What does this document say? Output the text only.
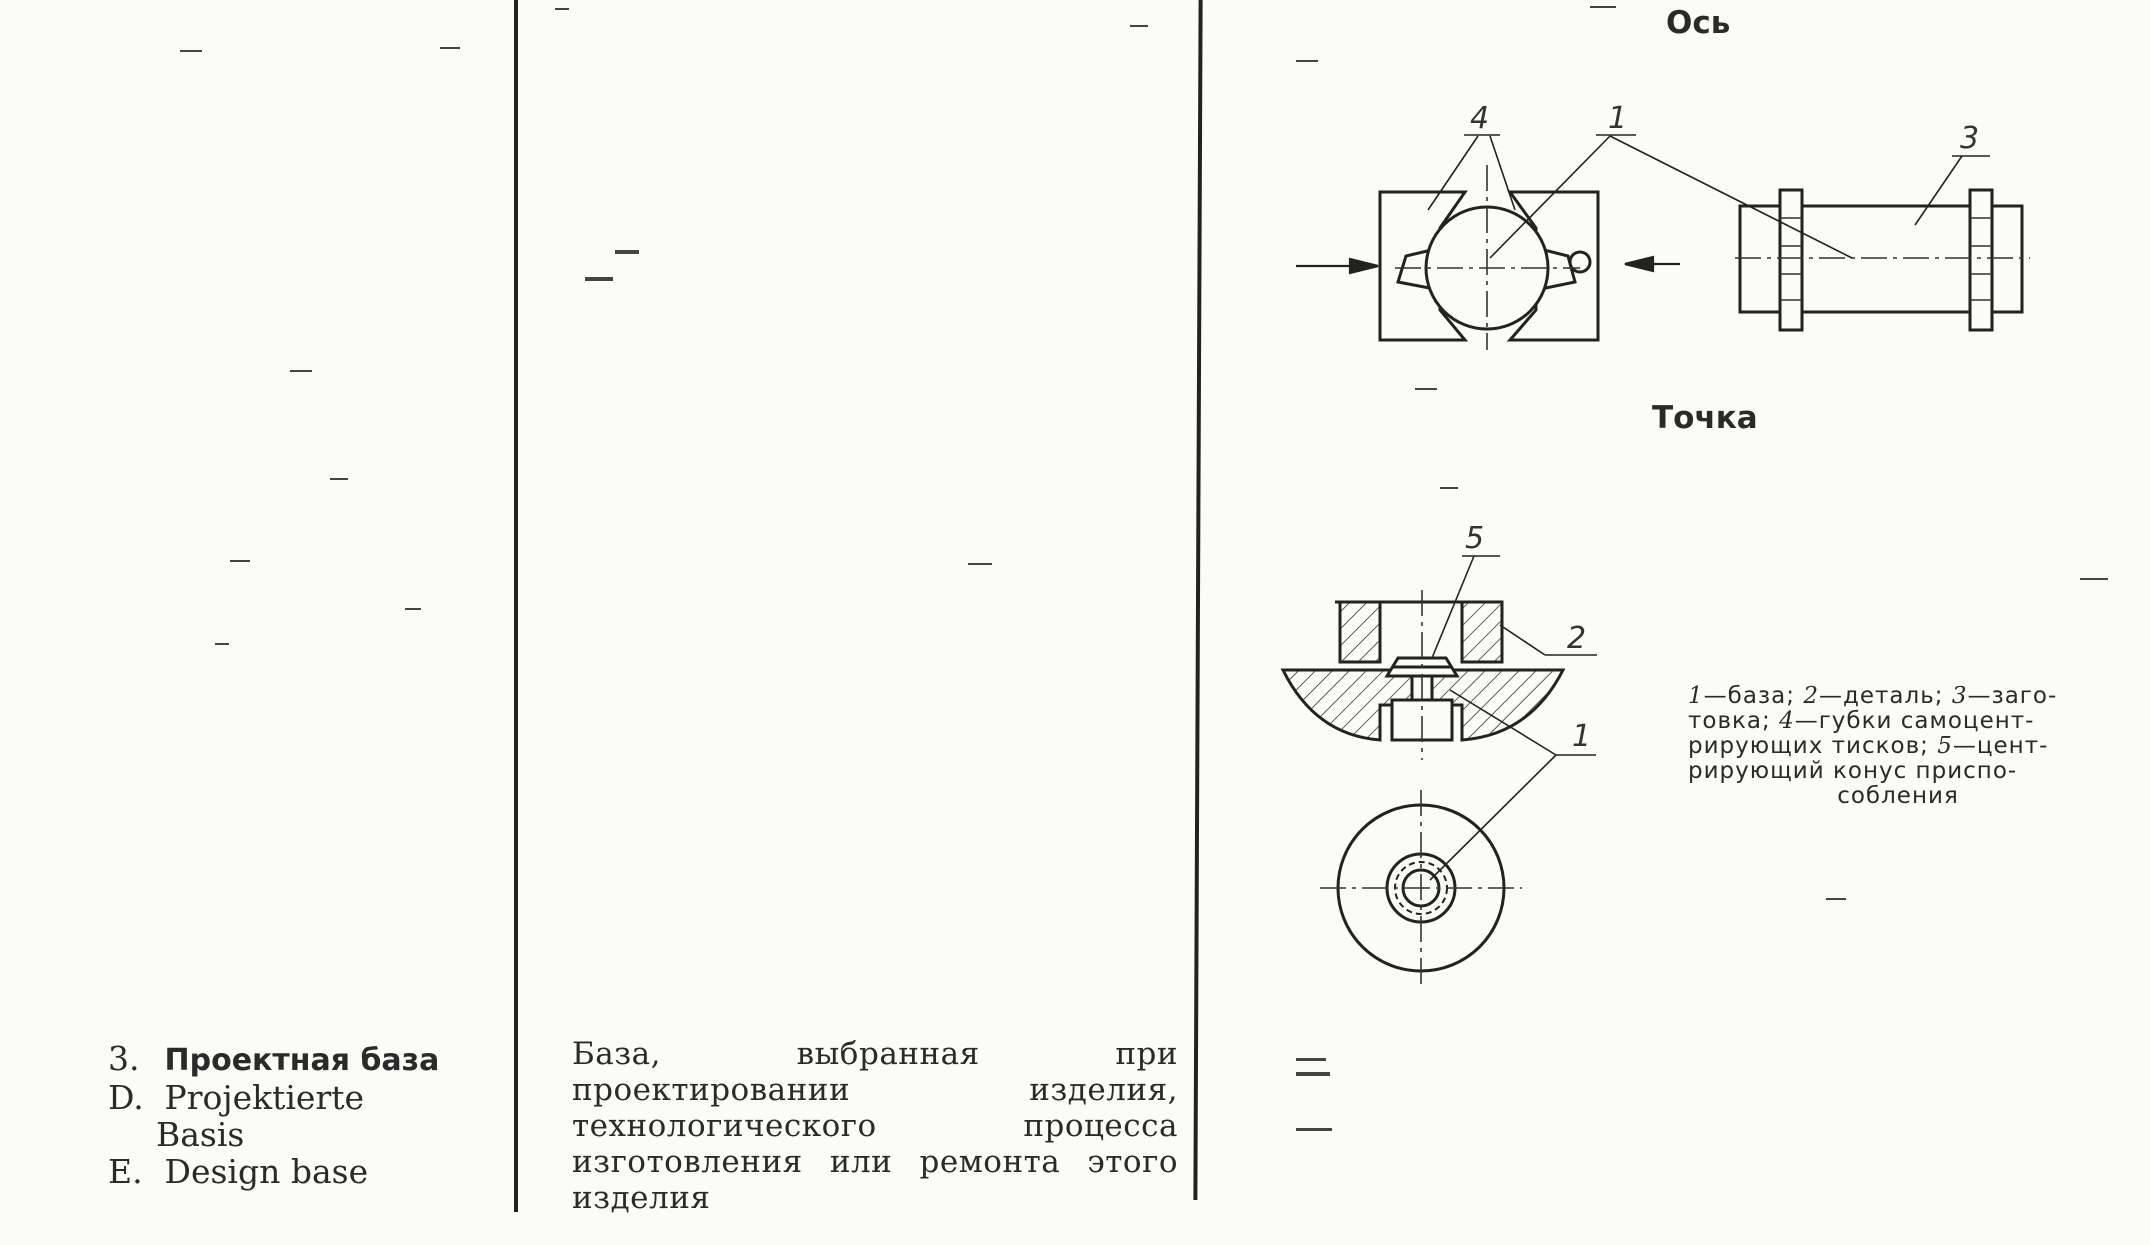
3. Проектная база
D. Projektierte
Basis
E. Design base
База, выбранная при проектировании изделия, технологического процесса изготовления или ремонта этого изделия
Ось
Точка
4	1
3
5
2
1
1—база; 2—деталь; 3—заго-
товка; 4—губки самоцент-
рирующих тисков; 5—цент-
рирующий конус приспо-
собления
